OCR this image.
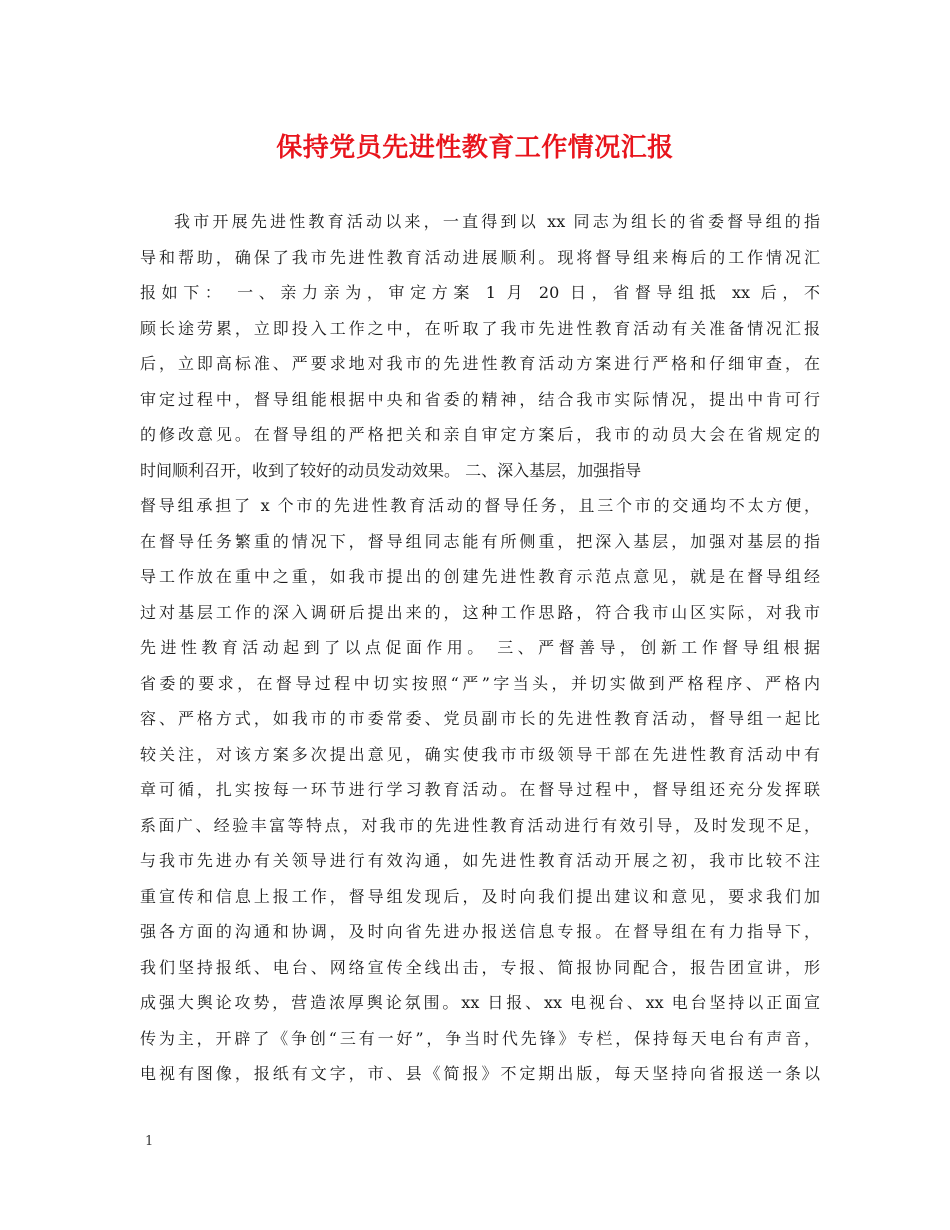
保持党员先进性教育工作情况汇报
我市开展先进性教育活动以来，一直得到以 xx 同志为组长的省委督导组的指
导和帮助，确保了我市先进性教育活动进展顺利。现将督导组来梅后的工作情况汇
报如下： 一、亲力亲为，审定方案 1 月 20 日，省督导组抵 xx 后，不
顾长途劳累，立即投入工作之中，在听取了我市先进性教育活动有关准备情况汇报
后，立即高标准、严要求地对我市的先进性教育活动方案进行严格和仔细审查，在
审定过程中，督导组能根据中央和省委的精神，结合我市实际情况，提出中肯可行
的修改意见。在督导组的严格把关和亲自审定方案后，我市的动员大会在省规定的
时间顺利召开，收到了较好的动员发动效果。 二、深入基层，加强指导
督导组承担了 x 个市的先进性教育活动的督导任务，且三个市的交通均不太方便，
在督导任务繁重的情况下，督导组同志能有所侧重，把深入基层，加强对基层的指
导工作放在重中之重，如我市提出的创建先进性教育示范点意见，就是在督导组经
过对基层工作的深入调研后提出来的，这种工作思路，符合我市山区实际，对我市
先进性教育活动起到了以点促面作用。 三、严督善导，创新工作督导组根据
省委的要求，在督导过程中切实按照“严”字当头，并切实做到严格程序、严格内
容、严格方式，如我市的市委常委、党员副市长的先进性教育活动，督导组一起比
较关注，对该方案多次提出意见，确实使我市市级领导干部在先进性教育活动中有
章可循，扎实按每一环节进行学习教育活动。在督导过程中，督导组还充分发挥联
系面广、经验丰富等特点，对我市的先进性教育活动进行有效引导，及时发现不足，
与我市先进办有关领导进行有效沟通，如先进性教育活动开展之初，我市比较不注
重宣传和信息上报工作，督导组发现后，及时向我们提出建议和意见，要求我们加
强各方面的沟通和协调，及时向省先进办报送信息专报。在督导组在有力指导下，
我们坚持报纸、电台、网络宣传全线出击，专报、简报协同配合，报告团宣讲，形
成强大舆论攻势，营造浓厚舆论氛围。xx 日报、xx 电视台、xx 电台坚持以正面宣
传为主，开辟了《争创“三有一好”，争当时代先锋》专栏，保持每天电台有声音，
电视有图像，报纸有文字，市、县《简报》不定期出版，每天坚持向省报送一条以
1
